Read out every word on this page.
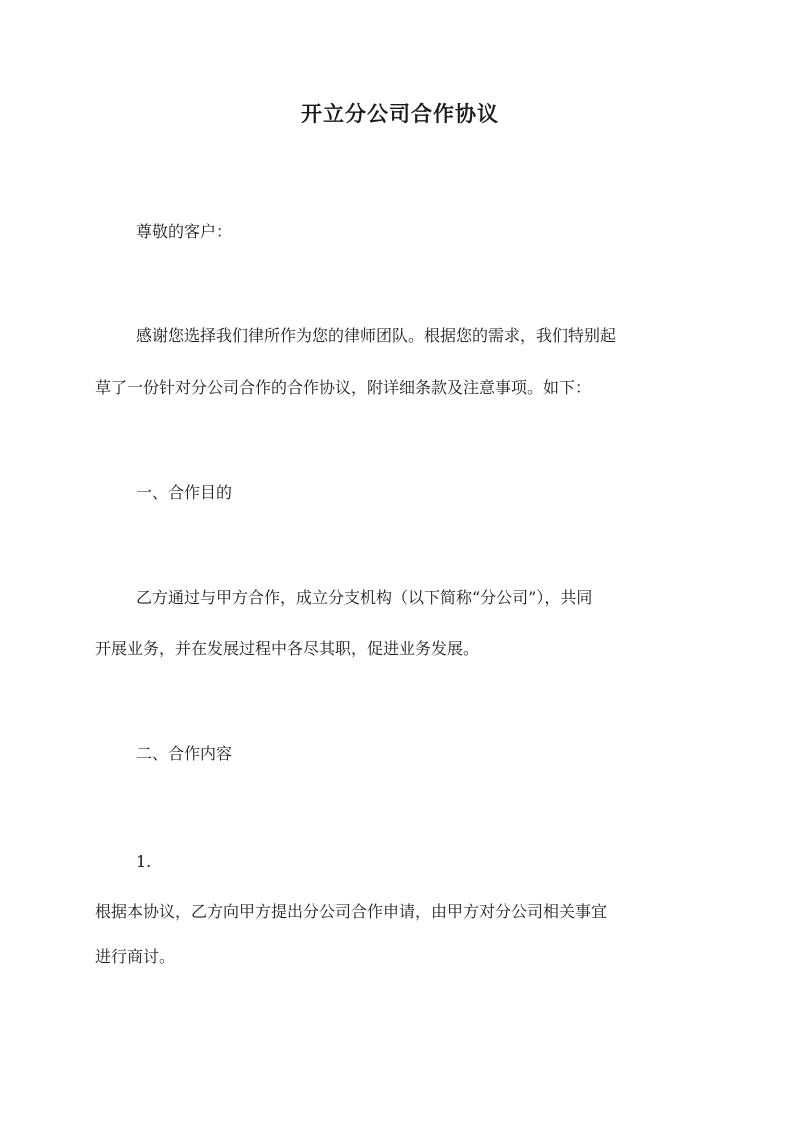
开立分公司合作协议

尊敬的客户：

感谢您选择我们律所作为您的律师团队。根据您的需求，我们特别起

草了一份针对分公司合作的合作协议，附详细条款及注意事项。如下：

一、合作目的

乙方通过与甲方合作，成立分支机构（以下简称“分公司”），共同

开展业务，并在发展过程中各尽其职，促进业务发展。

二、合作内容

1.

根据本协议，乙方向甲方提出分公司合作申请，由甲方对分公司相关事宜

进行商讨。
